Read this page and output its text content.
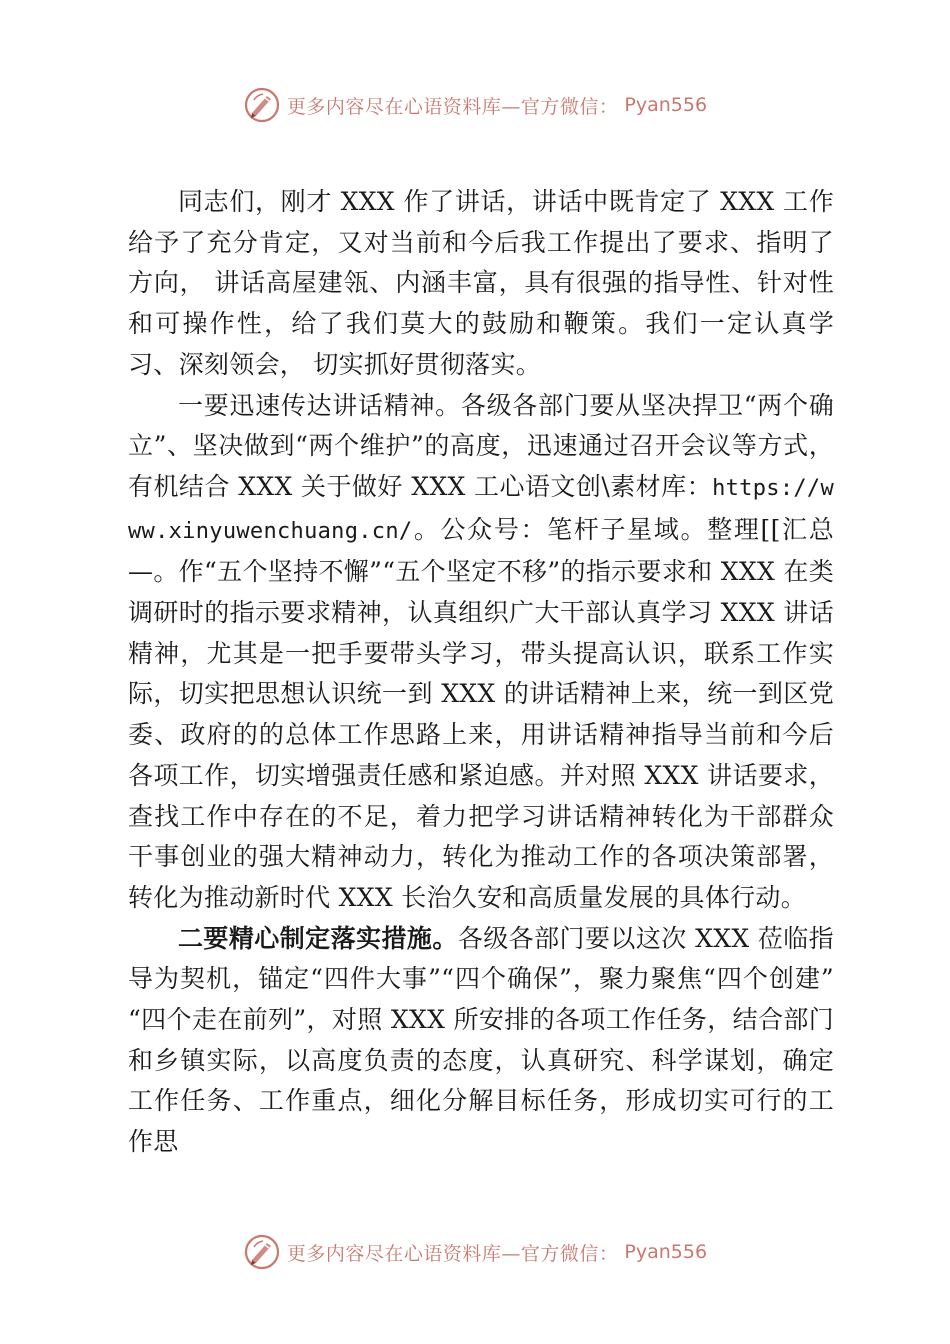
更多内容尽在心语资料库—官方微信： Pyan556

同志们，刚才 XXX 作了讲话，讲话中既肯定了 XXX 工作给予了充分肯定，又对当前和今后我工作提出了要求、指明了方向， 讲话高屋建瓴、内涵丰富，具有很强的指导性、针对性和可操作性，给了我们莫大的鼓励和鞭策。我们一定认真学习、深刻领会， 切实抓好贯彻落实。

一要迅速传达讲话精神。各级各部门要从坚决捍卫“两个确立”、坚决做到“两个维护”的高度，迅速通过召开会议等方式， 有机结合 XXX 关于做好 XXX 工心语文创\素材库：https://www.xinyuwenchuang.cn/。公众号：笔杆子星域。整理[[汇总—。作“五个坚持不懈”“五个坚定不移”的指示要求和 XXX 在类调研时的指示要求精神，认真组织广大干部认真学习 XXX 讲话精神，尤其是一把手要带头学习，带头提高认识，联系工作实际，切实把思想认识统一到 XXX 的讲话精神上来，统一到区党委、政府的的总体工作思路上来，用讲话精神指导当前和今后各项工作，切实增强责任感和紧迫感。并对照 XXX 讲话要求，查找工作中存在的不足，着力把学习讲话精神转化为干部群众干事创业的强大精神动力，转化为推动工作的各项决策部署，转化为推动新时代 XXX 长治久安和高质量发展的具体行动。

二要精心制定落实措施。各级各部门要以这次 XXX 莅临指导为契机，锚定“四件大事”“四个确保”，聚力聚焦“四个创建” “四个走在前列”，对照 XXX 所安排的各项工作任务，结合部门和乡镇实际，以高度负责的态度，认真研究、科学谋划，确定工作任务、工作重点，细化分解目标任务，形成切实可行的工作思

更多内容尽在心语资料库—官方微信： Pyan556
